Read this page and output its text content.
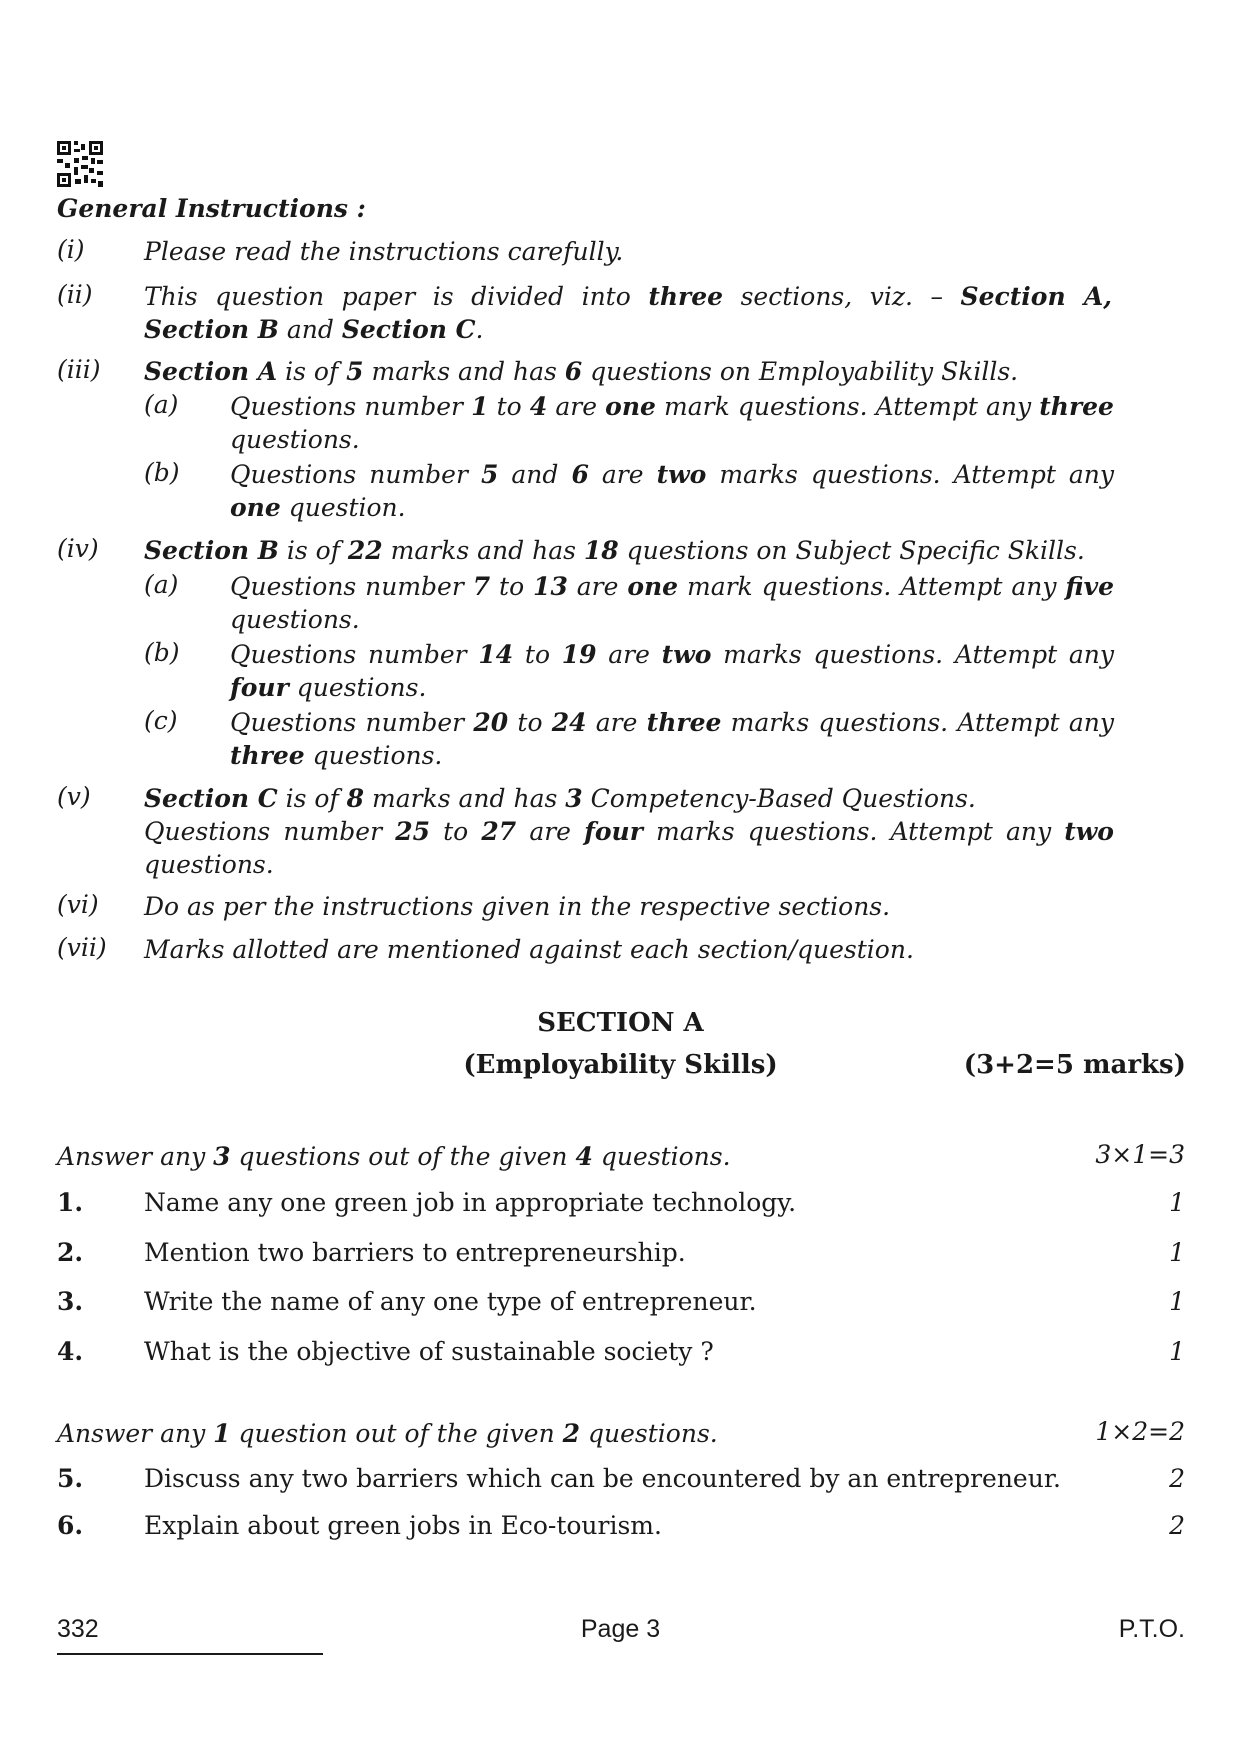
General Instructions :
(i) Please read the instructions carefully.
(ii) This question paper is divided into three sections, viz. – Section A, Section B and Section C.
(iii) Section A is of 5 marks and has 6 questions on Employability Skills.
(a) Questions number 1 to 4 are one mark questions. Attempt any three questions.
(b) Questions number 5 and 6 are two marks questions. Attempt any one question.
(iv) Section B is of 22 marks and has 18 questions on Subject Specific Skills.
(a) Questions number 7 to 13 are one mark questions. Attempt any five questions.
(b) Questions number 14 to 19 are two marks questions. Attempt any four questions.
(c) Questions number 20 to 24 are three marks questions. Attempt any three questions.
(v) Section C is of 8 marks and has 3 Competency-Based Questions.
Questions number 25 to 27 are four marks questions. Attempt any two questions.
(vi) Do as per the instructions given in the respective sections.
(vii) Marks allotted are mentioned against each section/question.
SECTION A
(Employability Skills)	(3+2=5 marks)
Answer any 3 questions out of the given 4 questions.	3×1=3
1. Name any one green job in appropriate technology.	1
2. Mention two barriers to entrepreneurship.	1
3. Write the name of any one type of entrepreneur.	1
4. What is the objective of sustainable society ?	1
Answer any 1 question out of the given 2 questions.	1×2=2
5. Discuss any two barriers which can be encountered by an entrepreneur.	2
6. Explain about green jobs in Eco-tourism.	2
332	Page 3	P.T.O.
